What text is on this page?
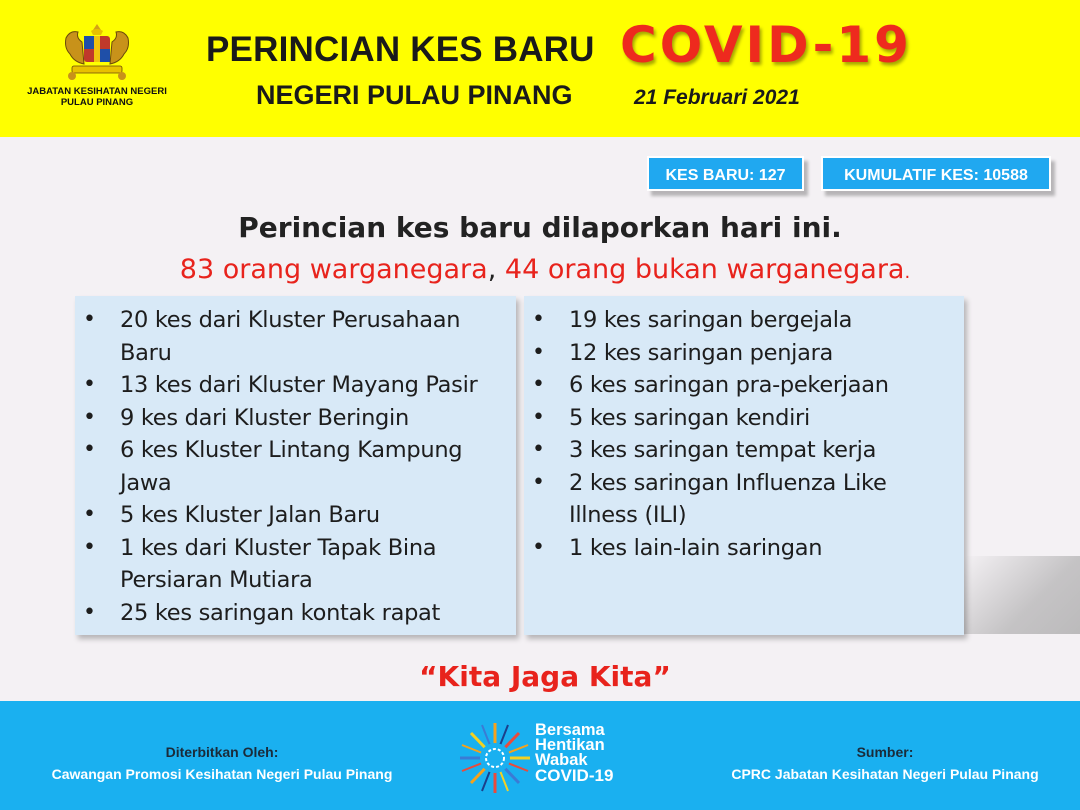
JABATAN KESIHATAN NEGERI PULAU PINANG
PERINCIAN KES BARU COVID-19
NEGERI PULAU PINANG	21 Februari 2021
KES BARU: 127	KUMULATIF KES: 10588
Perincian kes baru dilaporkan hari ini.
83 orang warganegara, 44 orang bukan warganegara.
• 20 kes dari Kluster Perusahaan Baru
• 13 kes dari Kluster Mayang Pasir
• 9 kes dari Kluster Beringin
• 6 kes Kluster Lintang Kampung Jawa
• 5 kes Kluster Jalan Baru
• 1 kes dari Kluster Tapak Bina Persiaran Mutiara
• 25 kes saringan kontak rapat
• 19 kes saringan bergejala
• 12 kes saringan penjara
• 6 kes saringan pra-pekerjaan
• 5 kes saringan kendiri
• 3 kes saringan tempat kerja
• 2 kes saringan Influenza Like Illness (ILI)
• 1 kes lain-lain saringan
“Kita Jaga Kita”
Diterbitkan Oleh:
Cawangan Promosi Kesihatan Negeri Pulau Pinang
Bersama
Hentikan
Wabak
COVID-19
Sumber:
CPRC Jabatan Kesihatan Negeri Pulau Pinang
